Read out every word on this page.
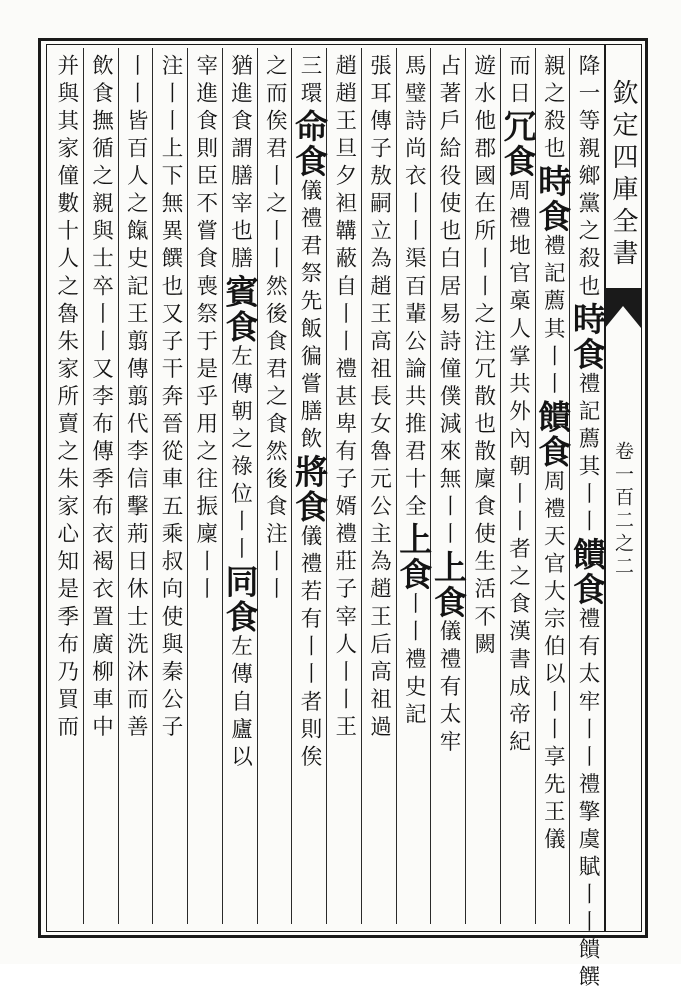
欽定四庫全書
卷一百二之二
降一等親鄉黨之殺也時食禮記薦其丨丨饋食禮有太牢丨丨禮擎虞賦丨丨饋饌
親之殺也時食禮記薦其丨丨饋食周禮天官大宗伯以丨丨享先王儀
而日冗食周禮地官槀人掌共外內朝丨丨者之食漢書成帝紀
遊水他郡國在所丨丨之注冗散也散廩食使生活不闕
占著戶給役使也白居易詩僮僕減來無丨丨上食儀禮有太牢
馬璧詩尚衣丨丨渠百輩公論共推君十全上食丨丨禮史記
張耳傳子敖嗣立為趙王高祖長女魯元公主為趙王后高祖過
趙趙王旦夕袒韝蔽自丨丨禮甚卑有子婿禮莊子宰人丨丨王
三環命食儀禮君祭先飯徧嘗膳飲將食儀禮若有丨丨者則俟
之而俟君丨之丨丨然後食君之食然後食注丨丨
猶進食謂膳宰也膳賓食左傳朝之祿位丨丨同食左傳自廬以
宰進食則臣不嘗食喪祭于是乎用之往振廩丨丨
注丨丨上下無異饌也又子干奔晉從車五乘叔向使與秦公子
丨丨皆百人之餼史記王翦傳翦代李信擊荊日休士洗沐而善
飲食撫循之親與士卒丨丨又李布傳季布衣褐衣置廣柳車中
并與其家僮數十人之魯朱家所賣之朱家心知是季布乃買而
